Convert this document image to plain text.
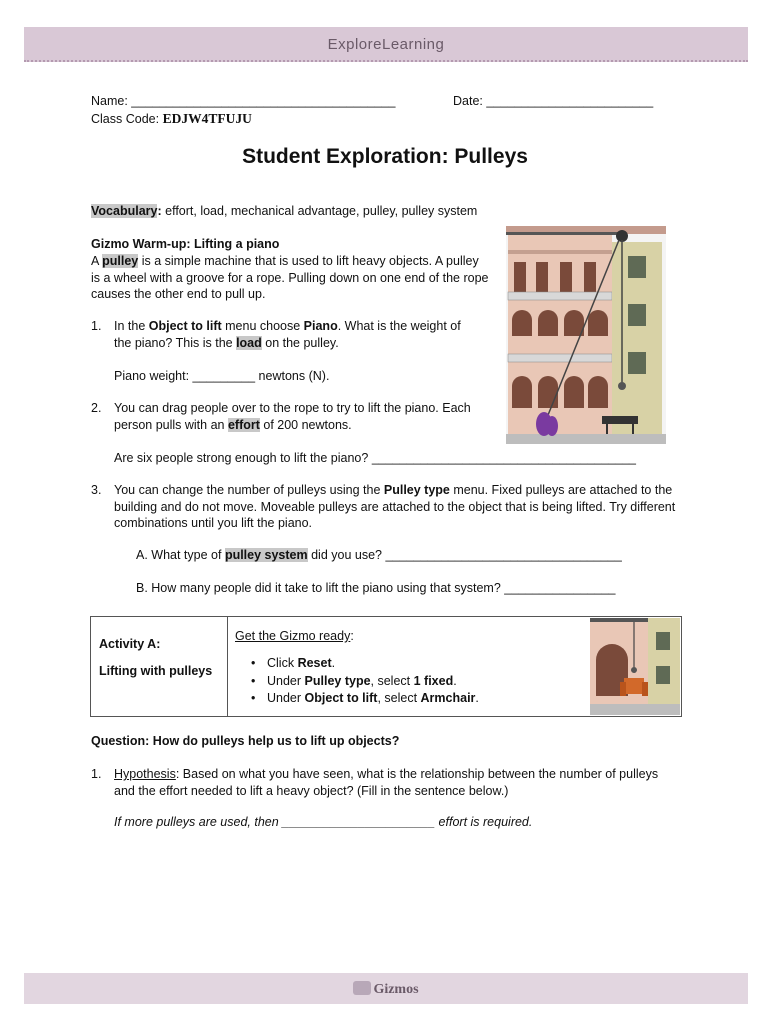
ExploreLearning
Name: ______________________________________	Date: ________________________
Class Code: EDJW4TFUJU
Student Exploration: Pulleys
Vocabulary: effort, load, mechanical advantage, pulley, pulley system
Gizmo Warm-up: Lifting a piano
A pulley is a simple machine that is used to lift heavy objects. A pulley is a wheel with a groove for a rope. Pulling down on one end of the rope causes the other end to pull up.
1. In the Object to lift menu choose Piano. What is the weight of the piano? This is the load on the pulley.
Piano weight: _________ newtons (N).
2. You can drag people over to the rope to try to lift the piano. Each person pulls with an effort of 200 newtons.
Are six people strong enough to lift the piano? ______________________________________
3. You can change the number of pulleys using the Pulley type menu. Fixed pulleys are attached to the building and do not move. Moveable pulleys are attached to the object that is being lifted. Try different combinations until you lift the piano.
A. What type of pulley system did you use? __________________________________
B. How many people did it take to lift the piano using that system? ________________
Activity A:
Lifting with pulleys
Get the Gizmo ready:
• Click Reset.
• Under Pulley type, select 1 fixed.
• Under Object to lift, select Armchair.
Question: How do pulleys help us to lift up objects?
1. Hypothesis: Based on what you have seen, what is the relationship between the number of pulleys and the effort needed to lift a heavy object? (Fill in the sentence below.)
If more pulleys are used, then ______________________ effort is required.
Gizmos
